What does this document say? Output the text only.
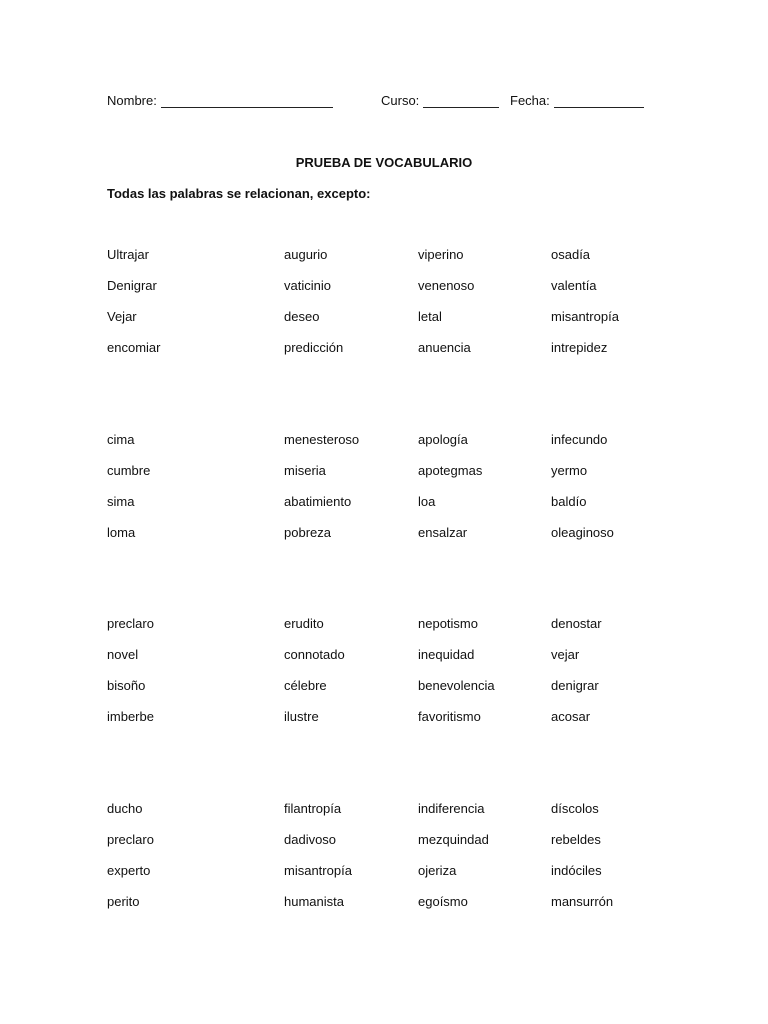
Nombre:	Curso:	Fecha:
PRUEBA DE VOCABULARIO
Todas las palabras se relacionan, excepto:
Ultrajar
Denigrar
Vejar
encomiar
augurio
vaticinio
deseo
predicción
viperino
venenoso
letal
anuencia
osadía
valentía
misantropía
intrepidez
cima
cumbre
sima
loma
menesteroso
miseria
abatimiento
pobreza
apología
apotegmas
loa
ensalzar
infecundo
yermo
baldío
oleaginoso
preclaro
novel
bisoño
imberbe
erudito
connotado
célebre
ilustre
nepotismo
inequidad
benevolencia
favoritismo
denostar
vejar
denigrar
acosar
ducho
preclaro
experto
perito
filantropía
dadivoso
misantropía
humanista
indiferencia
mezquindad
ojeriza
egoísmo
díscolos
rebeldes
indóciles
mansurrón
